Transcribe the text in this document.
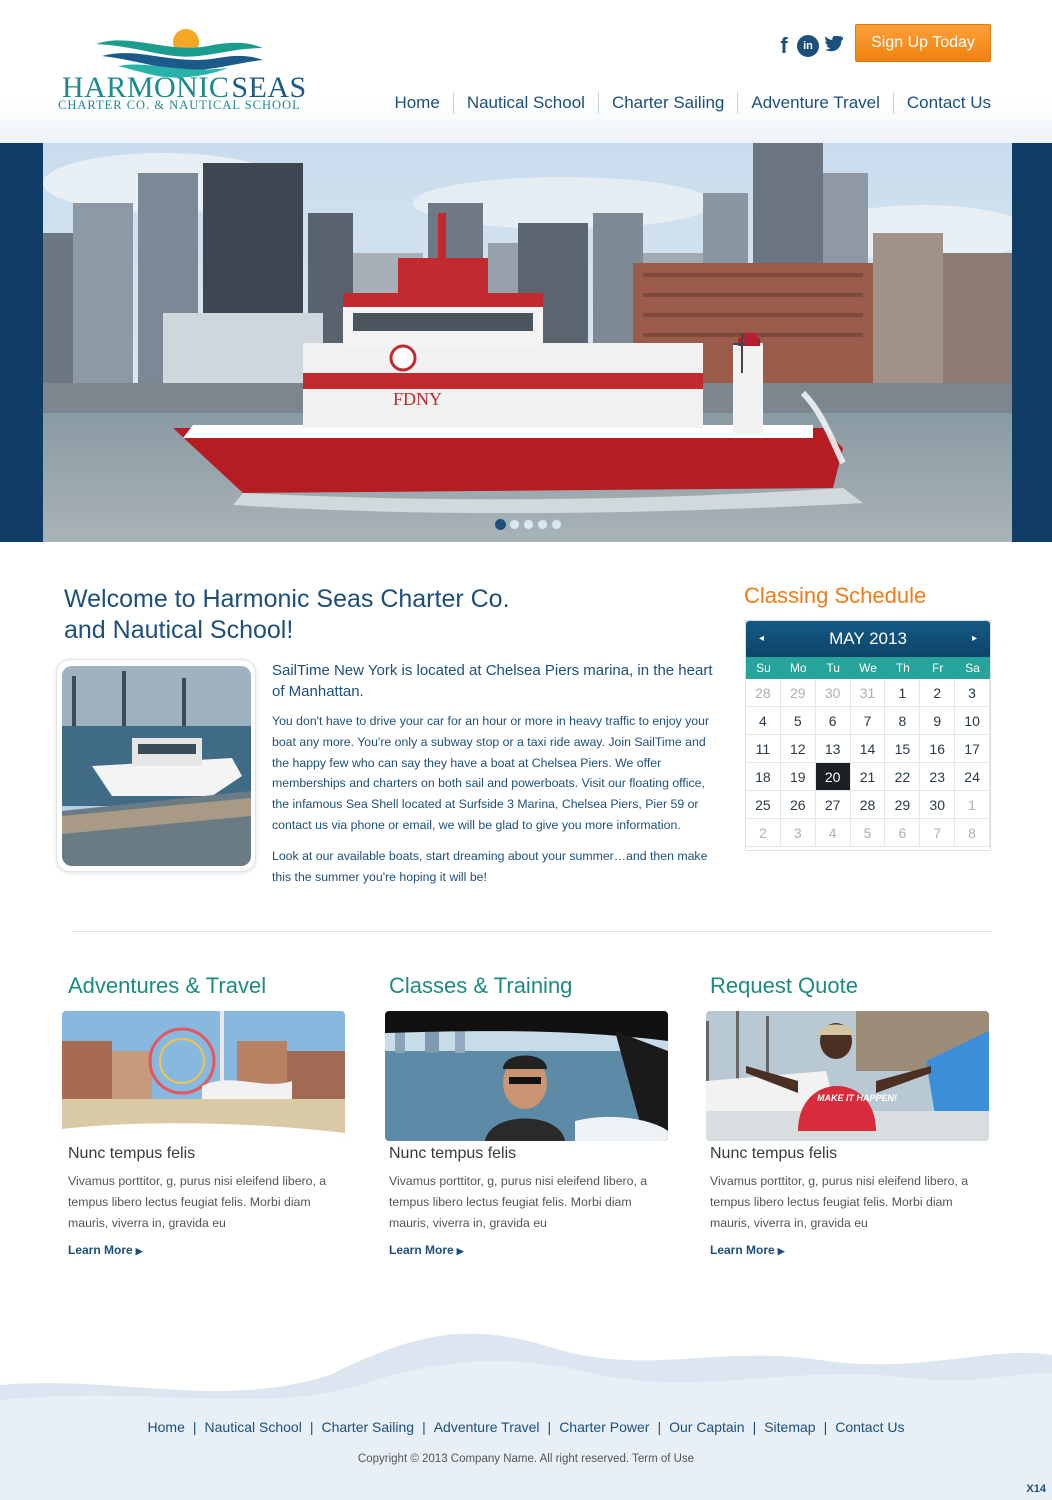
HARMONICSEAS
CHARTER CO. & NAUTICAL SCHOOL
f	in	Sign Up Today
Home	Nautical School	Charter Sailing	Adventure Travel	Contact Us
FDNY
Welcome to Harmonic Seas Charter Co.
and Nautical School!
SailTime New York is located at Chelsea Piers marina, in the heart of Manhattan.
You don't have to drive your car for an hour or more in heavy traffic to enjoy your boat any more. You're only a subway stop or a taxi ride away. Join SailTime and the happy few who can say they have a boat at Chelsea Piers. We offer memberships and charters on both sail and powerboats. Visit our floating office, the infamous Sea Shell located at Surfside 3 Marina, Chelsea Piers, Pier 59 or contact us via phone or email, we will be glad to give you more information.
Look at our available boats, start dreaming about your summer…and then make this the summer you're hoping it will be!
Classing Schedule
◂	MAY 2013	▸
Su	Mo	Tu	We	Th	Fr	Sa
28	29	30	31	1	2	3
4	5	6	7	8	9	10
11	12	13	14	15	16	17
18	19	20	21	22	23	24
25	26	27	28	29	30	1
2	3	4	5	6	7	8
Adventures & Travel
Nunc tempus felis

Vivamus porttitor, g, purus nisi eleifend libero, a tempus libero lectus feugiat felis. Morbi diam mauris, viverra in, gravida eu

Learn More ▶
Classes & Training
Nunc tempus felis

Vivamus porttitor, g, purus nisi eleifend libero, a tempus libero lectus feugiat felis. Morbi diam mauris, viverra in, gravida eu

Learn More ▶
Request Quote
MAKE IT HAPPEN!
Nunc tempus felis

Vivamus porttitor, g, purus nisi eleifend libero, a tempus libero lectus feugiat felis. Morbi diam mauris, viverra in, gravida eu

Learn More ▶
Home | Nautical School | Charter Sailing | Adventure Travel | Charter Power | Our Captain | Sitemap | Contact Us
Copyright © 2013 Company Name. All right reserved. Term of Use
X14
